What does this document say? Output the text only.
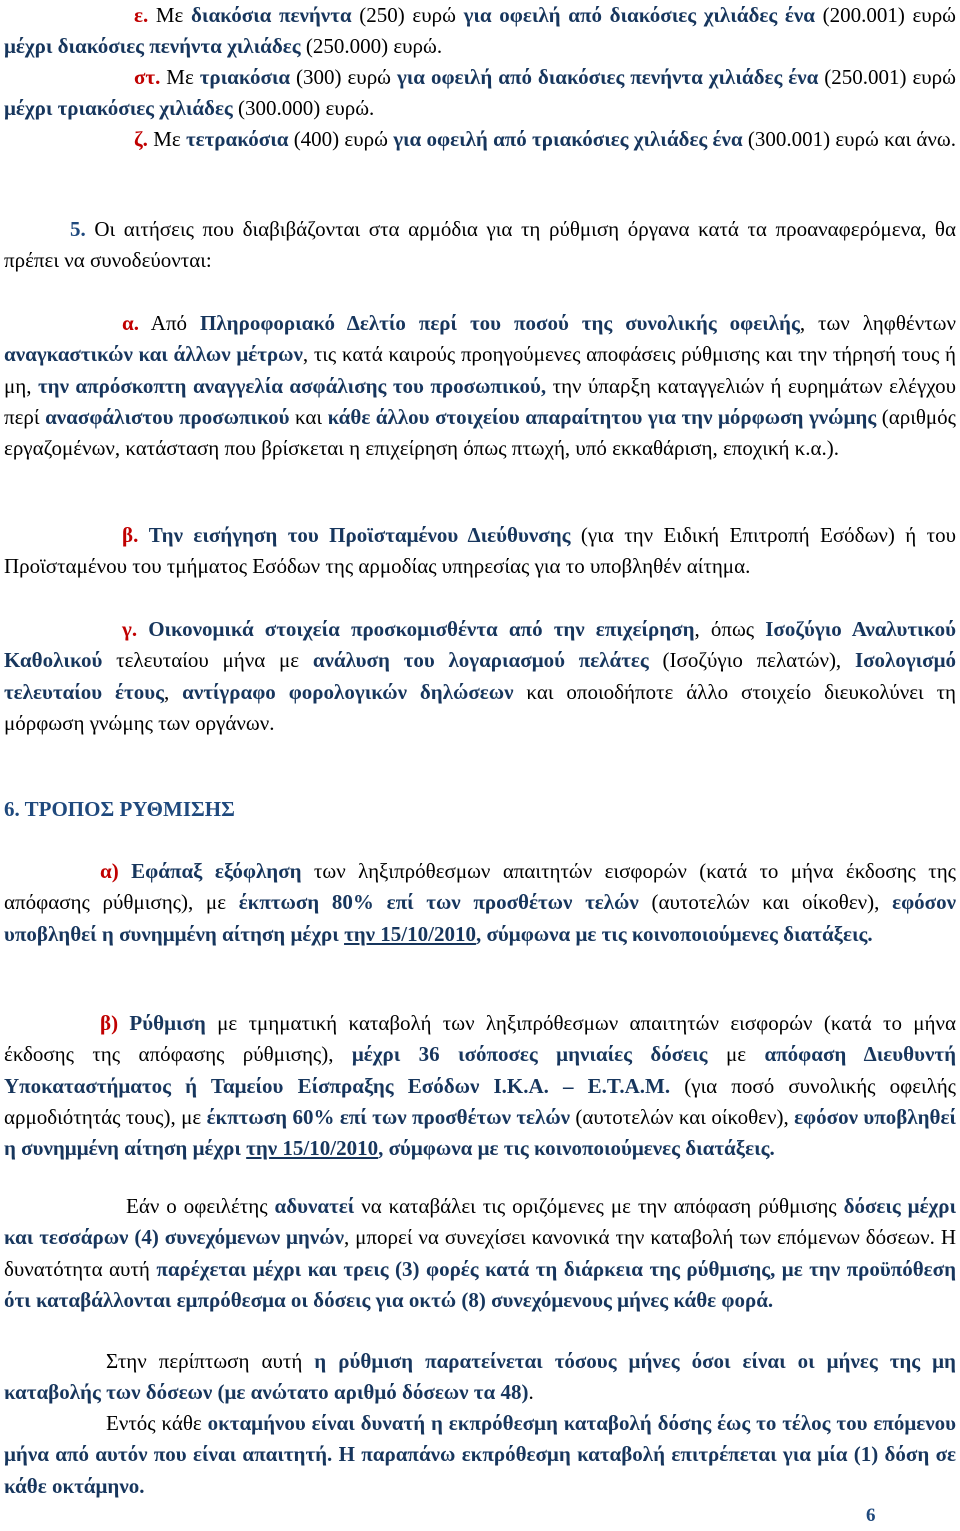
ε. Με διακόσια πενήντα (250) ευρώ για οφειλή από διακόσιες χιλιάδες ένα (200.001) ευρώ μέχρι διακόσιες πενήντα χιλιάδες (250.000) ευρώ.

στ. Με τριακόσια (300) ευρώ για οφειλή από διακόσιες πενήντα χιλιάδες ένα (250.001) ευρώ μέχρι τριακόσιες χιλιάδες (300.000) ευρώ.

ζ. Με τετρακόσια (400) ευρώ για οφειλή από τριακόσιες χιλιάδες ένα (300.001) ευρώ και άνω.

5. Οι αιτήσεις που διαβιβάζονται στα αρμόδια για τη ρύθμιση όργανα κατά τα προαναφερόμενα, θα πρέπει να συνοδεύονται:

α. Από Πληροφοριακό Δελτίο περί του ποσού της συνολικής οφειλής, των ληφθέντων αναγκαστικών και άλλων μέτρων, τις κατά καιρούς προηγούμενες αποφάσεις ρύθμισης και την τήρησή τους ή μη, την απρόσκοπτη αναγγελία ασφάλισης του προσωπικού, την ύπαρξη καταγγελιών ή ευρημάτων ελέγχου περί ανασφάλιστου προσωπικού και κάθε άλλου στοιχείου απαραίτητου για την μόρφωση γνώμης (αριθμός εργαζομένων, κατάσταση που βρίσκεται η επιχείρηση όπως πτωχή, υπό εκκαθάριση, εποχική κ.α.).

β. Την εισήγηση του Προϊσταμένου Διεύθυνσης (για την Ειδική Επιτροπή Εσόδων) ή του Προϊσταμένου του τμήματος Εσόδων της αρμοδίας υπηρεσίας για το υποβληθέν αίτημα.

γ. Οικονομικά στοιχεία προσκομισθέντα από την επιχείρηση, όπως Ισοζύγιο Αναλυτικού Καθολικού τελευταίου μήνα με ανάλυση του λογαριασμού πελάτες (Ισοζύγιο πελατών), Ισολογισμό τελευταίου έτους, αντίγραφο φορολογικών δηλώσεων και οποιοδήποτε άλλο στοιχείο διευκολύνει τη μόρφωση γνώμης των οργάνων.

6. ΤΡΟΠΟΣ ΡΥΘΜΙΣΗΣ

α) Εφάπαξ εξόφληση των ληξιπρόθεσμων απαιτητών εισφορών (κατά το μήνα έκδοσης της απόφασης ρύθμισης), με έκπτωση 80% επί των προσθέτων τελών (αυτοτελών και οίκοθεν), εφόσον υποβληθεί η συνημμένη αίτηση μέχρι την 15/10/2010, σύμφωνα με τις κοινοποιούμενες διατάξεις.

β) Ρύθμιση με τμηματική καταβολή των ληξιπρόθεσμων απαιτητών εισφορών (κατά το μήνα έκδοσης της απόφασης ρύθμισης), μέχρι 36 ισόποσες μηνιαίες δόσεις με απόφαση Διευθυντή Υποκαταστήματος ή Ταμείου Είσπραξης Εσόδων Ι.Κ.Α. – Ε.Τ.Α.Μ. (για ποσό συνολικής οφειλής αρμοδιότητάς τους), με έκπτωση 60% επί των προσθέτων τελών (αυτοτελών και οίκοθεν), εφόσον υποβληθεί η συνημμένη αίτηση μέχρι την 15/10/2010, σύμφωνα με τις κοινοποιούμενες διατάξεις.

Εάν ο οφειλέτης αδυνατεί να καταβάλει τις οριζόμενες με την απόφαση ρύθμισης δόσεις μέχρι και τεσσάρων (4) συνεχόμενων μηνών, μπορεί να συνεχίσει κανονικά την καταβολή των επόμενων δόσεων. Η δυνατότητα αυτή παρέχεται μέχρι και τρεις (3) φορές κατά τη διάρκεια της ρύθμισης, με την προϋπόθεση ότι καταβάλλονται εμπρόθεσμα οι δόσεις για οκτώ (8) συνεχόμενους μήνες κάθε φορά.

Στην περίπτωση αυτή η ρύθμιση παρατείνεται τόσους μήνες όσοι είναι οι μήνες της μη καταβολής των δόσεων (με ανώτατο αριθμό δόσεων τα 48).

Εντός κάθε οκταμήνου είναι δυνατή η εκπρόθεσμη καταβολή δόσης έως το τέλος του επόμενου μήνα από αυτόν που είναι απαιτητή. Η παραπάνω εκπρόθεσμη καταβολή επιτρέπεται για μία (1) δόση σε κάθε οκτάμηνο.

6
